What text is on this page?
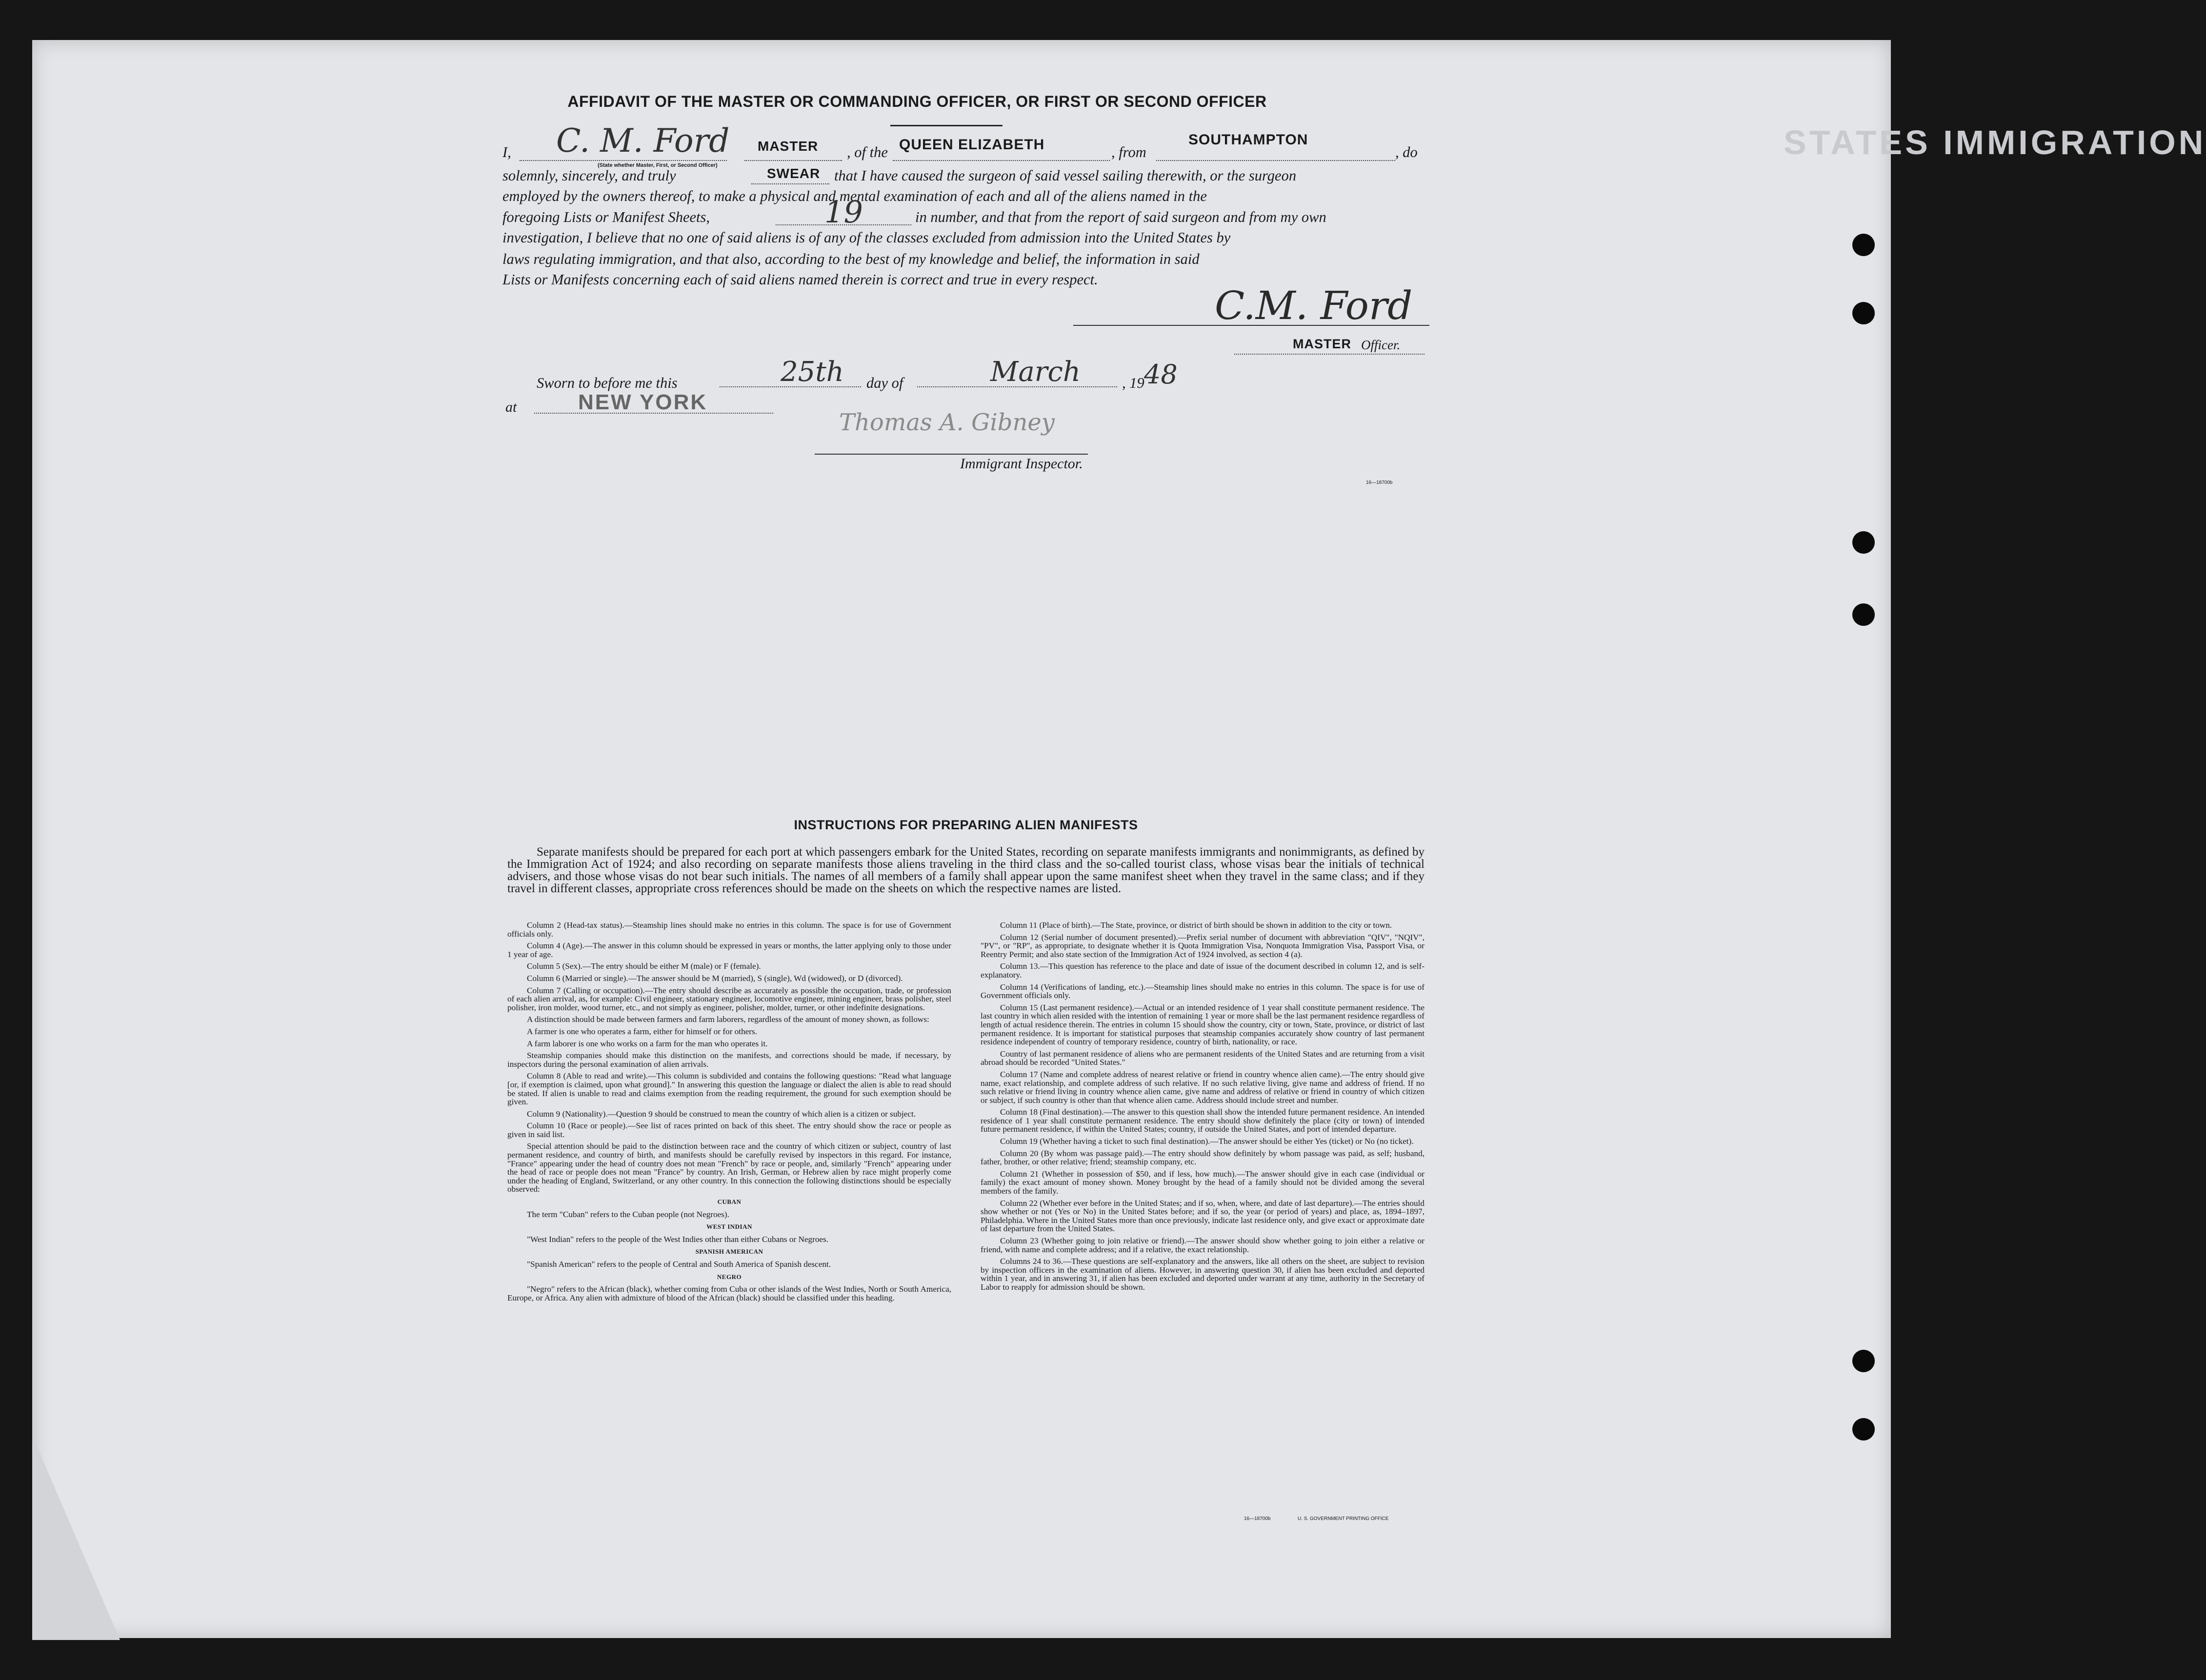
STATES IMMIGRATION
AFFIDAVIT OF THE MASTER OR COMMANDING OFFICER, OR FIRST OR SECOND OFFICER
I,	, of the	, from	, do
C. M. Ford MASTER	QUEEN ELIZABETH	SOUTHAMPTON
(State whether Master, First, or Second Officer)
solemnly, sincerely, and truly	that I have caused the surgeon of said vessel sailing therewith, or the surgeon
SWEAR
employed by the owners thereof, to make a physical and mental examination of each and all of the aliens named in the
foregoing Lists or Manifest Sheets,	in number, and that from the report of said surgeon and from my own
19
investigation, I believe that no one of said aliens is of any of the classes excluded from admission into the United States by
laws regulating immigration, and that also, according to the best of my knowledge and belief, the information in said
Lists or Manifests concerning each of said aliens named therein is correct and true in every respect.
C.M. Ford
MASTER Officer.
Sworn to before me this	day of	, 19
25th	March 48
at	NEW YORK
Thomas A. Gibney
Immigrant Inspector.
16—18700b
INSTRUCTIONS FOR PREPARING ALIEN MANIFESTS
Separate manifests should be prepared for each port at which passengers embark for the United States, recording on separate manifests immigrants and nonimmigrants, as defined by the Immigration Act of 1924; and also recording on separate manifests those aliens traveling in the third class and the so-called tourist class, whose visas bear the initials of technical advisers, and those whose visas do not bear such initials. The names of all members of a family shall appear upon the same manifest sheet when they travel in the same class; and if they travel in different classes, appropriate cross references should be made on the sheets on which the respective names are listed.

Column 2 (Head-tax status).—Steamship lines should make no entries in this column. The space is for use of Government officials only.

Column 4 (Age).—The answer in this column should be expressed in years or months, the latter applying only to those under 1 year of age.

Column 5 (Sex).—The entry should be either M (male) or F (female).

Column 6 (Married or single).—The answer should be M (married), S (single), Wd (widowed), or D (divorced).

Column 7 (Calling or occupation).—The entry should describe as accurately as possible the occupation, trade, or profession of each alien arrival, as, for example: Civil engineer, stationary engineer, locomotive engineer, mining engineer, brass polisher, steel polisher, iron molder, wood turner, etc., and not simply as engineer, polisher, molder, turner, or other indefinite designations.

A distinction should be made between farmers and farm laborers, regardless of the amount of money shown, as follows:

A farmer is one who operates a farm, either for himself or for others.

A farm laborer is one who works on a farm for the man who operates it.

Steamship companies should make this distinction on the manifests, and corrections should be made, if necessary, by inspectors during the personal examination of alien arrivals.

Column 8 (Able to read and write).—This column is subdivided and contains the following questions: "Read what language [or, if exemption is claimed, upon what ground]." In answering this question the language or dialect the alien is able to read should be stated. If alien is unable to read and claims exemption from the reading requirement, the ground for such exemption should be given.

Column 9 (Nationality).—Question 9 should be construed to mean the country of which alien is a citizen or subject.

Column 10 (Race or people).—See list of races printed on back of this sheet. The entry should show the race or people as given in said list.

Special attention should be paid to the distinction between race and the country of which citizen or subject, country of last permanent residence, and country of birth, and manifests should be carefully revised by inspectors in this regard. For instance, "France" appearing under the head of country does not mean "French" by race or people, and, similarly "French" appearing under the head of race or people does not mean "France" by country. An Irish, German, or Hebrew alien by race might properly come under the heading of England, Switzerland, or any other country. In this connection the following distinctions should be especially observed:

CUBAN

The term "Cuban" refers to the Cuban people (not Negroes).

WEST INDIAN

"West Indian" refers to the people of the West Indies other than either Cubans or Negroes.

SPANISH AMERICAN

"Spanish American" refers to the people of Central and South America of Spanish descent.

NEGRO

"Negro" refers to the African (black), whether coming from Cuba or other islands of the West Indies, North or South America, Europe, or Africa. Any alien with admixture of blood of the African (black) should be classified under this heading.

Column 11 (Place of birth).—The State, province, or district of birth should be shown in addition to the city or town.

Column 12 (Serial number of document presented).—Prefix serial number of document with abbreviation "QIV", "NQIV", "PV", or "RP", as appropriate, to designate whether it is Quota Immigration Visa, Nonquota Immigration Visa, Passport Visa, or Reentry Permit; and also state section of the Immigration Act of 1924 involved, as section 4 (a).

Column 13.—This question has reference to the place and date of issue of the document described in column 12, and is self-explanatory.

Column 14 (Verifications of landing, etc.).—Steamship lines should make no entries in this column. The space is for use of Government officials only.

Column 15 (Last permanent residence).—Actual or an intended residence of 1 year shall constitute permanent residence. The last country in which alien resided with the intention of remaining 1 year or more shall be the last permanent residence regardless of length of actual residence therein. The entries in column 15 should show the country, city or town, State, province, or district of last permanent residence. It is important for statistical purposes that steamship companies accurately show country of last permanent residence independent of country of temporary residence, country of birth, nationality, or race.

Country of last permanent residence of aliens who are permanent residents of the United States and are returning from a visit abroad should be recorded "United States."

Column 17 (Name and complete address of nearest relative or friend in country whence alien came).—The entry should give name, exact relationship, and complete address of such relative. If no such relative living, give name and address of friend. If no such relative or friend living in country whence alien came, give name and address of relative or friend in country of which citizen or subject, if such country is other than that whence alien came. Address should include street and number.

Column 18 (Final destination).—The answer to this question shall show the intended future permanent residence. An intended residence of 1 year shall constitute permanent residence. The entry should show definitely the place (city or town) of intended future permanent residence, if within the United States; country, if outside the United States, and port of intended departure.

Column 19 (Whether having a ticket to such final destination).—The answer should be either Yes (ticket) or No (no ticket).

Column 20 (By whom was passage paid).—The entry should show definitely by whom passage was paid, as self; husband, father, brother, or other relative; friend; steamship company, etc.

Column 21 (Whether in possession of $50, and if less, how much).—The answer should give in each case (individual or family) the exact amount of money shown. Money brought by the head of a family should not be divided among the several members of the family.

Column 22 (Whether ever before in the United States; and if so, when, where, and date of last departure).—The entries should show whether or not (Yes or No) in the United States before; and if so, the year (or period of years) and place, as, 1894–1897, Philadelphia. Where in the United States more than once previously, indicate last residence only, and give exact or approximate date of last departure from the United States.

Column 23 (Whether going to join relative or friend).—The answer should show whether going to join either a relative or friend, with name and complete address; and if a relative, the exact relationship.

Columns 24 to 36.—These questions are self-explanatory and the answers, like all others on the sheet, are subject to revision by inspection officers in the examination of aliens. However, in answering question 30, if alien has been excluded and deported within 1 year, and in answering 31, if alien has been excluded and deported under warrant at any time, authority in the Secretary of Labor to reapply for admission should be shown.

16—18700b	U. S. GOVERNMENT PRINTING OFFICE
